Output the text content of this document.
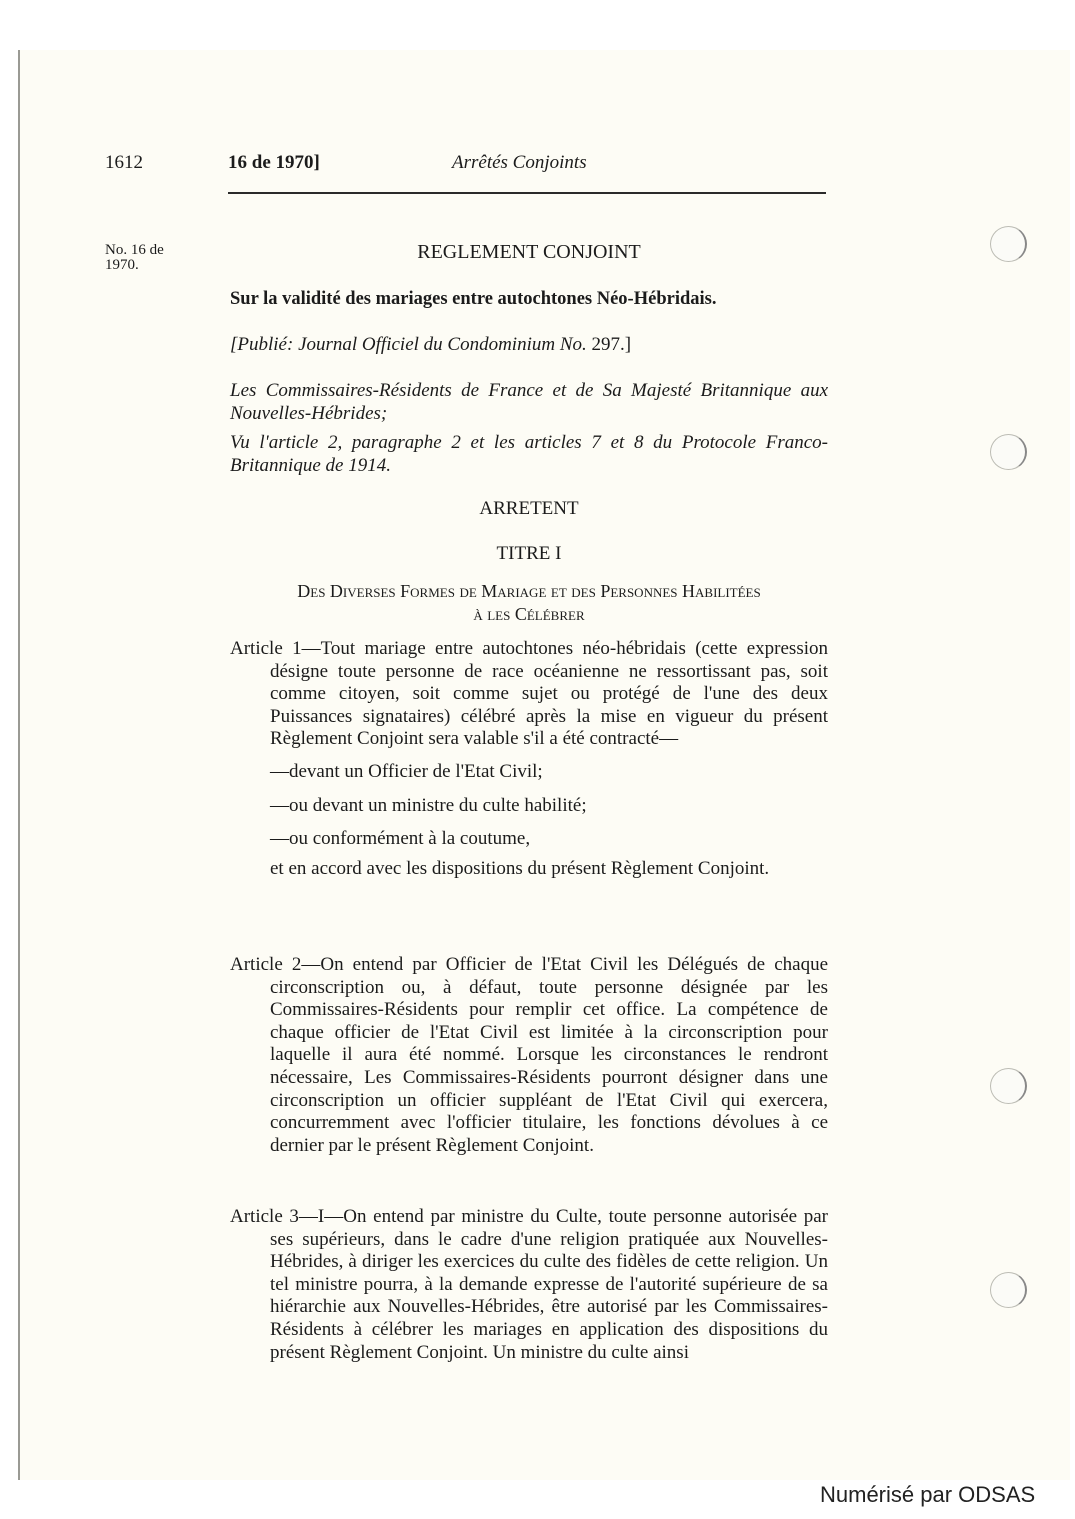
1612	16 de 1970]	Arrêtés Conjoints
No. 16 de
1970.
REGLEMENT CONJOINT
Sur la validité des mariages entre autochtones Néo-Hébridais.
[Publié: Journal Officiel du Condominium No. 297.]

Les Commissaires-Résidents de France et de Sa Majesté Britannique aux Nouvelles-Hébrides;

Vu l'article 2, paragraphe 2 et les articles 7 et 8 du Protocole Franco-Britannique de 1914.

ARRETENT
TITRE I
Des Diverses Formes de Mariage et des Personnes Habilitées
à les Célébrer

Article 1—Tout mariage entre autochtones néo-hébridais (cette expression désigne toute personne de race océanienne ne ressortissant pas, soit comme citoyen, soit comme sujet ou protégé de l'une des deux Puissances signataires) célébré après la mise en vigueur du présent Règlement Conjoint sera valable s'il a été contracté—

—devant un Officier de l'Etat Civil;

—ou devant un ministre du culte habilité;

—ou conformément à la coutume,

et en accord avec les dispositions du présent Règlement Conjoint.

Article 2—On entend par Officier de l'Etat Civil les Délégués de chaque circonscription ou, à défaut, toute personne désignée par les Commissaires-Résidents pour remplir cet office. La compétence de chaque officier de l'Etat Civil est limitée à la circonscription pour laquelle il aura été nommé. Lorsque les circonstances le rendront nécessaire, Les Commissaires-Résidents pourront désigner dans une circonscription un officier suppléant de l'Etat Civil qui exercera, concurremment avec l'officier titulaire, les fonctions dévolues à ce dernier par le présent Règlement Conjoint.

Article 3—I—On entend par ministre du Culte, toute personne autorisée par ses supérieurs, dans le cadre d'une religion pratiquée aux Nouvelles-Hébrides, à diriger les exercices du culte des fidèles de cette religion. Un tel ministre pourra, à la demande expresse de l'autorité supérieure de sa hiérarchie aux Nouvelles-Hébrides, être autorisé par les Commissaires-Résidents à célébrer les mariages en application des dispositions du présent Règlement Conjoint. Un ministre du culte ainsi

Numérisé par ODSAS
